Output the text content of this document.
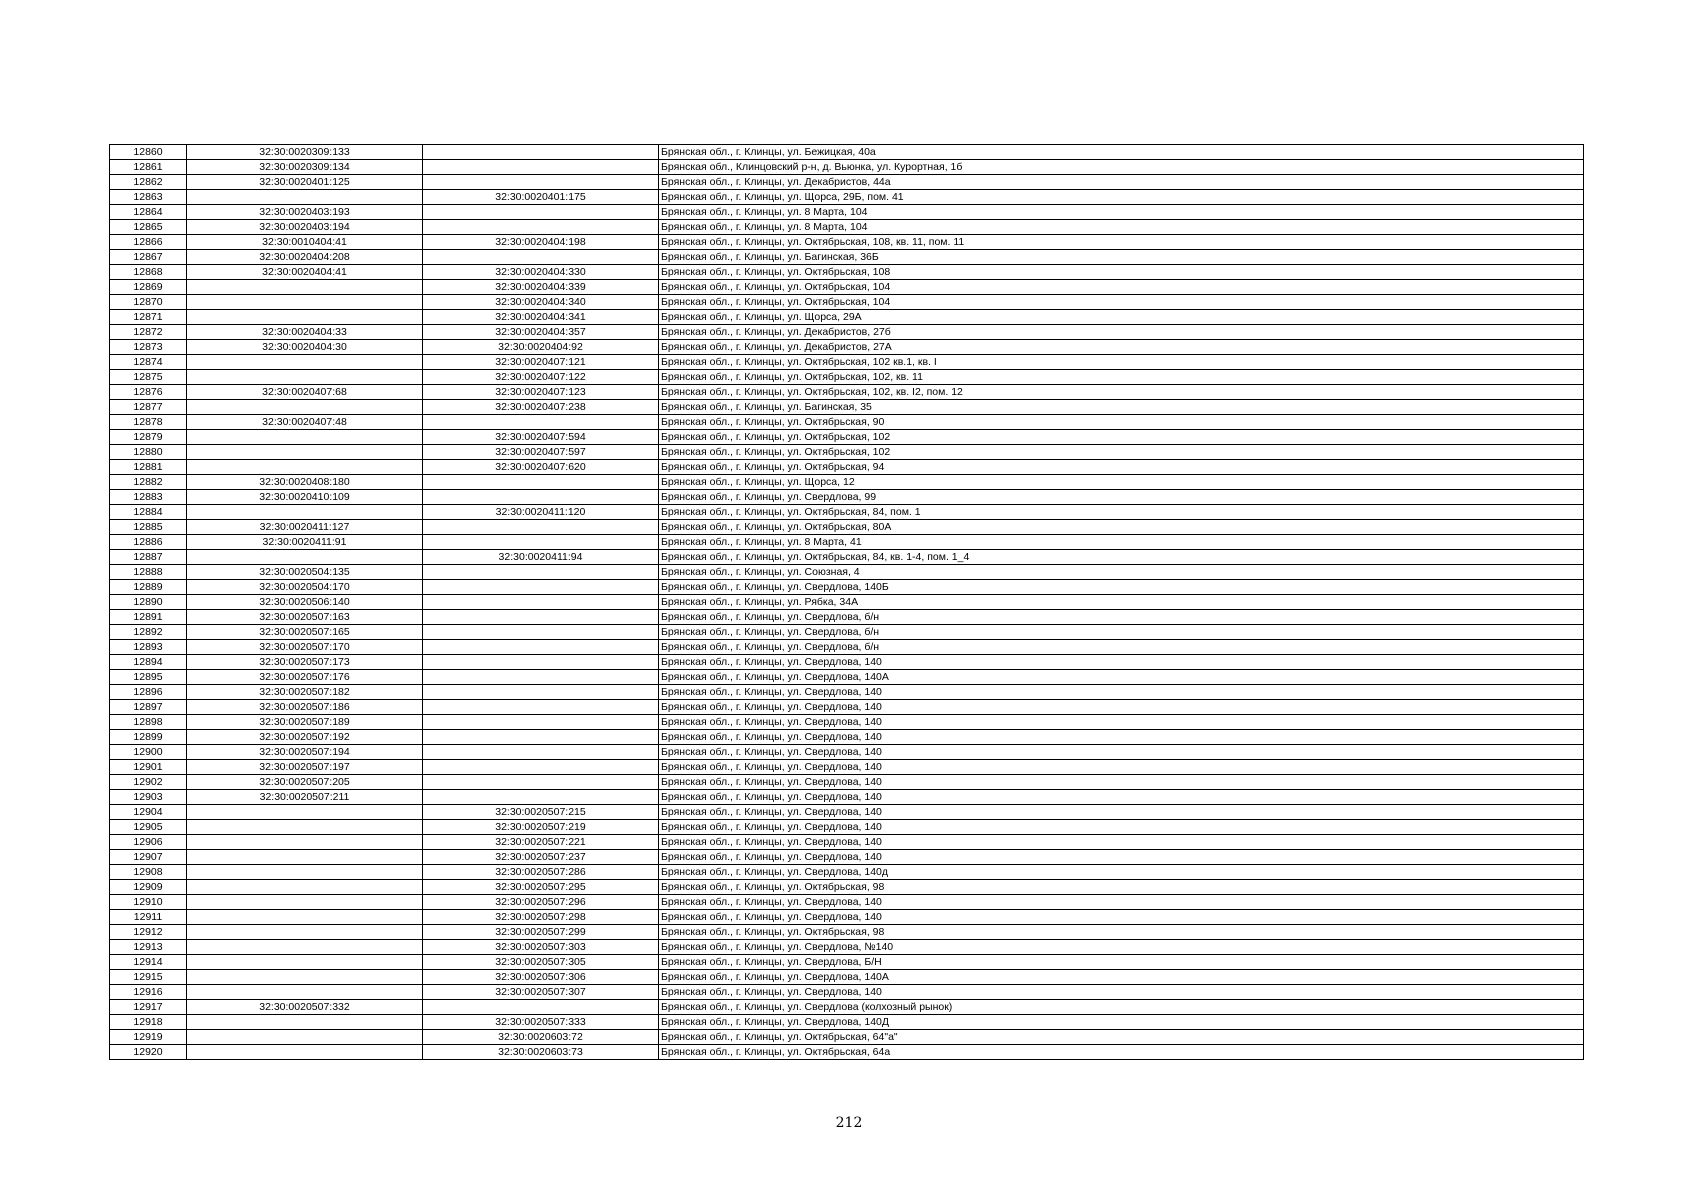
12860	32:30:0020309:133		Брянская обл., г. Клинцы, ул. Бежицкая, 40а
12861	32:30:0020309:134		Брянская обл., Клинцовский р-н, д. Вьюнка, ул. Курортная, 1б
12862	32:30:0020401:125		Брянская обл., г. Клинцы, ул. Декабристов, 44а
12863		32:30:0020401:175	Брянская обл., г. Клинцы, ул. Щорса, 29Б, пом. 41
12864	32:30:0020403:193		Брянская обл., г. Клинцы, ул. 8 Марта, 104
12865	32:30:0020403:194		Брянская обл., г. Клинцы, ул. 8 Марта, 104
12866	32:30:0010404:41	32:30:0020404:198	Брянская обл., г. Клинцы, ул. Октябрьская, 108, кв. 11, пом. 11
12867	32:30:0020404:208		Брянская обл., г. Клинцы, ул. Багинская, 36Б
12868	32:30:0020404:41	32:30:0020404:330	Брянская обл., г. Клинцы, ул. Октябрьская, 108
12869		32:30:0020404:339	Брянская обл., г. Клинцы, ул. Октябрьская, 104
12870		32:30:0020404:340	Брянская обл., г. Клинцы, ул. Октябрьская, 104
12871		32:30:0020404:341	Брянская обл., г. Клинцы, ул. Щорса, 29А
12872	32:30:0020404:33	32:30:0020404:357	Брянская обл., г. Клинцы, ул. Декабристов, 27б
12873	32:30:0020404:30	32:30:0020404:92	Брянская обл., г. Клинцы, ул. Декабристов, 27А
12874		32:30:0020407:121	Брянская обл., г. Клинцы, ул. Октябрьская, 102 кв.1, кв. I
12875		32:30:0020407:122	Брянская обл., г. Клинцы, ул. Октябрьская, 102, кв. 11
12876	32:30:0020407:68	32:30:0020407:123	Брянская обл., г. Клинцы, ул. Октябрьская, 102, кв. I2, пом. 12
12877		32:30:0020407:238	Брянская обл., г. Клинцы, ул. Багинская, 35
12878	32:30:0020407:48		Брянская обл., г. Клинцы, ул. Октябрьская, 90
12879		32:30:0020407:594	Брянская обл., г. Клинцы, ул. Октябрьская, 102
12880		32:30:0020407:597	Брянская обл., г. Клинцы, ул. Октябрьская, 102
12881		32:30:0020407:620	Брянская обл., г. Клинцы, ул. Октябрьская, 94
12882	32:30:0020408:180		Брянская обл., г. Клинцы, ул. Щорса, 12
12883	32:30:0020410:109		Брянская обл., г. Клинцы, ул. Свердлова, 99
12884		32:30:0020411:120	Брянская обл., г. Клинцы, ул. Октябрьская, 84, пом. 1
12885	32:30:0020411:127		Брянская обл., г. Клинцы, ул. Октябрьская, 80А
12886	32:30:0020411:91		Брянская обл., г. Клинцы, ул. 8 Марта, 41
12887		32:30:0020411:94	Брянская обл., г. Клинцы, ул. Октябрьская, 84, кв. 1-4, пом. 1_4
12888	32:30:0020504:135		Брянская обл., г. Клинцы, ул. Союзная, 4
12889	32:30:0020504:170		Брянская обл., г. Клинцы, ул. Свердлова, 140Б
12890	32:30:0020506:140		Брянская обл., г. Клинцы, ул. Рябка, 34А
12891	32:30:0020507:163		Брянская обл., г. Клинцы, ул. Свердлова, б/н
12892	32:30:0020507:165		Брянская обл., г. Клинцы, ул. Свердлова, б/н
12893	32:30:0020507:170		Брянская обл., г. Клинцы, ул. Свердлова, б/н
12894	32:30:0020507:173		Брянская обл., г. Клинцы, ул. Свердлова, 140
12895	32:30:0020507:176		Брянская обл., г. Клинцы, ул. Свердлова, 140А
12896	32:30:0020507:182		Брянская обл., г. Клинцы, ул. Свердлова, 140
12897	32:30:0020507:186		Брянская обл., г. Клинцы, ул. Свердлова, 140
12898	32:30:0020507:189		Брянская обл., г. Клинцы, ул. Свердлова, 140
12899	32:30:0020507:192		Брянская обл., г. Клинцы, ул. Свердлова, 140
12900	32:30:0020507:194		Брянская обл., г. Клинцы, ул. Свердлова, 140
12901	32:30:0020507:197		Брянская обл., г. Клинцы, ул. Свердлова, 140
12902	32:30:0020507:205		Брянская обл., г. Клинцы, ул. Свердлова, 140
12903	32:30:0020507:211		Брянская обл., г. Клинцы, ул. Свердлова, 140
12904		32:30:0020507:215	Брянская обл., г. Клинцы, ул. Свердлова, 140
12905		32:30:0020507:219	Брянская обл., г. Клинцы, ул. Свердлова, 140
12906		32:30:0020507:221	Брянская обл., г. Клинцы, ул. Свердлова, 140
12907		32:30:0020507:237	Брянская обл., г. Клинцы, ул. Свердлова, 140
12908		32:30:0020507:286	Брянская обл., г. Клинцы, ул. Свердлова, 140д
12909		32:30:0020507:295	Брянская обл., г. Клинцы, ул. Октябрьская, 98
12910		32:30:0020507:296	Брянская обл., г. Клинцы, ул. Свердлова, 140
12911		32:30:0020507:298	Брянская обл., г. Клинцы, ул. Свердлова, 140
12912		32:30:0020507:299	Брянская обл., г. Клинцы, ул. Октябрьская, 98
12913		32:30:0020507:303	Брянская обл., г. Клинцы, ул. Свердлова, №140
12914		32:30:0020507:305	Брянская обл., г. Клинцы, ул. Свердлова, Б/Н
12915		32:30:0020507:306	Брянская обл., г. Клинцы, ул. Свердлова, 140А
12916		32:30:0020507:307	Брянская обл., г. Клинцы, ул. Свердлова, 140
12917	32:30:0020507:332		Брянская обл., г. Клинцы, ул. Свердлова (колхозный рынок)
12918		32:30:0020507:333	Брянская обл., г. Клинцы, ул. Свердлова, 140Д
12919		32:30:0020603:72	Брянская обл., г. Клинцы, ул. Октябрьская, 64"а"
12920		32:30:0020603:73	Брянская обл., г. Клинцы, ул. Октябрьская, 64а
212
